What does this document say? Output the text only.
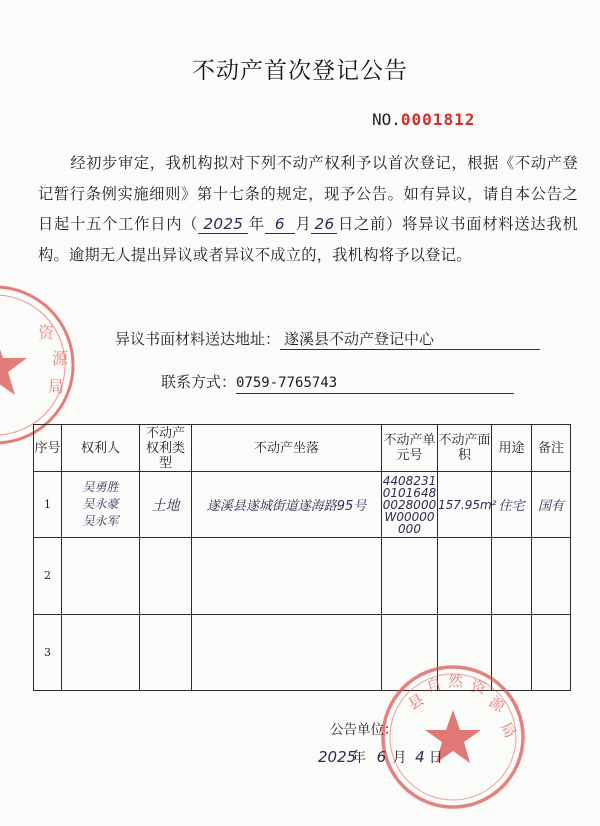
资
源
局
不动产首次登记公告
NO.0001812
经初步审定，我机构拟对下列不动产权利予以首次登记，根据《不动产登记暂行条例实施细则》第十七条的规定，现予公告。如有异议，请自本公告之日起十五个工作日内（ 2025 年 6 月 26 日之前）将异议书面材料送达我机构。逾期无人提出异议或者异议不成立的，我机构将予以登记。
异议书面材料送达地址： 遂溪县不动产登记中心
联系方式：0759-7765743
序号	权利人	不动产权利类型	不动产坐落	不动产单元号	不动产面积	用途	备注
1	吴勇胜
吴永豪
吴永军	土地	遂溪县遂城街道遂海路95号	440823101016480028000W00000000	157.95m²	住宅	国有
2							
3							
县
自 然 资
源
局
公告单位：
2025年 6 月 4 日
